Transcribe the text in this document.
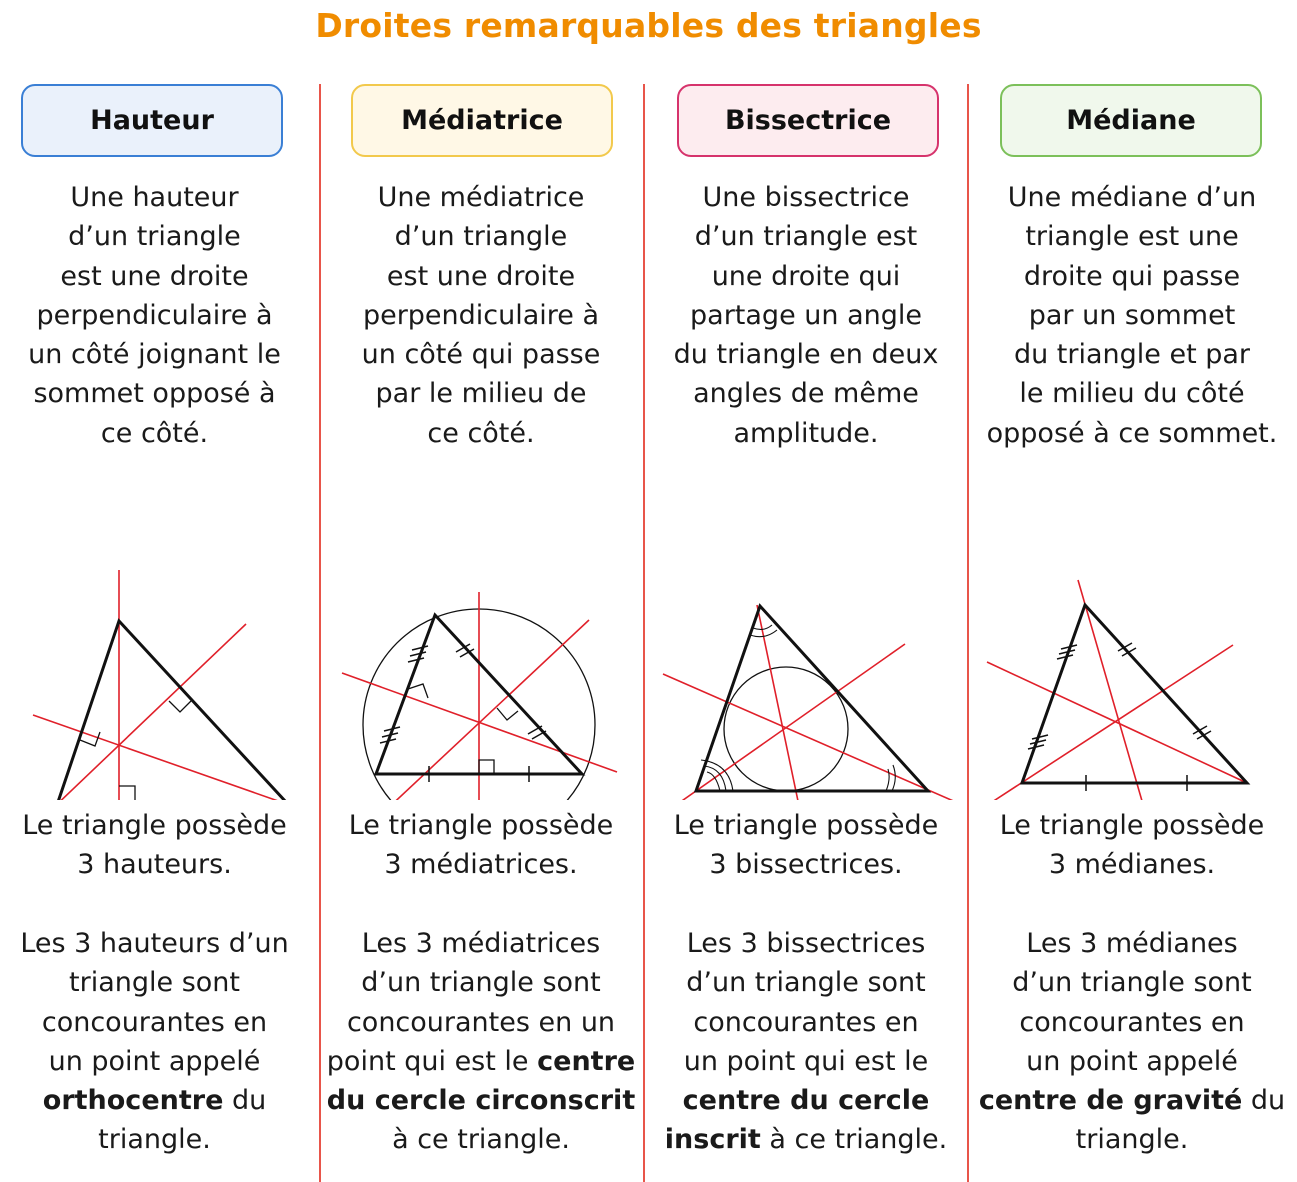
Droites remarquables des triangles
Hauteur
Une hauteur
d’un triangle
est une droite
perpendiculaire à
un côté joignant le
sommet opposé à
ce côté.
Le triangle possède
3 hauteurs.
Les 3 hauteurs d’un
triangle sont
concourantes en
un point appelé
orthocentre du
triangle.
Médiatrice
Une médiatrice
d’un triangle
est une droite
perpendiculaire à
un côté qui passe
par le milieu de
ce côté.
Le triangle possède
3 médiatrices.
Les 3 médiatrices
d’un triangle sont
concourantes en un
point qui est le centre
du cercle circonscrit
à ce triangle.
Bissectrice
Une bissectrice
d’un triangle est
une droite qui
partage un angle
du triangle en deux
angles de même
amplitude.
Le triangle possède
3 bissectrices.
Les 3 bissectrices
d’un triangle sont
concourantes en
un point qui est le
centre du cercle
inscrit à ce triangle.
Médiane
Une médiane d’un
triangle est une
droite qui passe
par un sommet
du triangle et par
le milieu du côté
opposé à ce sommet.
Le triangle possède
3 médianes.
Les 3 médianes
d’un triangle sont
concourantes en
un point appelé
centre de gravité du
triangle.
